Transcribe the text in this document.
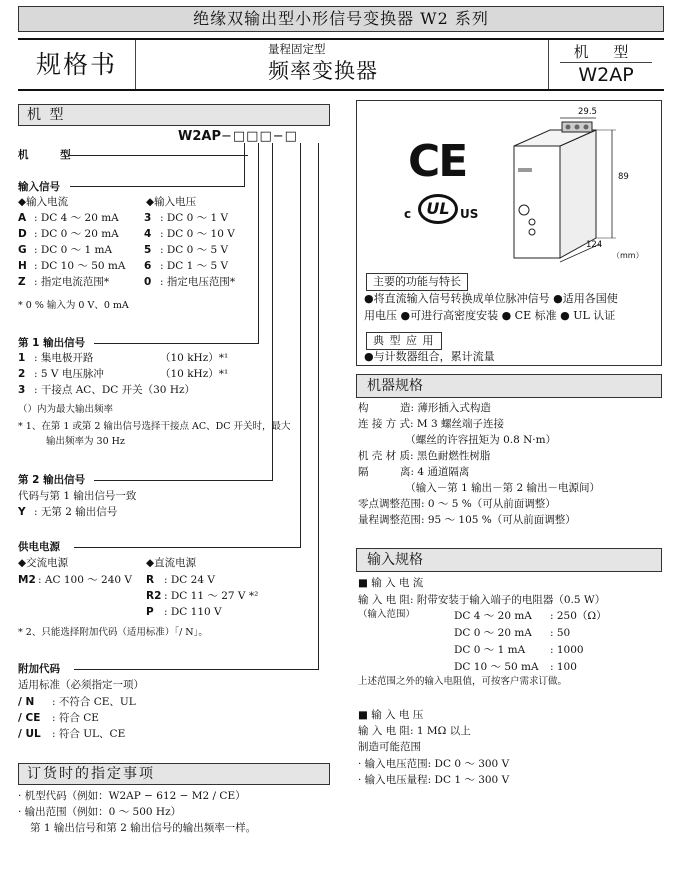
绝缘双输出型小形信号变换器 W2 系列
规格书
量程固定型
频率变换器
机 型
W2AP
机 型
W2AP−□□□−□
机 型
输入信号
◆输入电流	◆输入电压
A : DC 4 ～ 20 mA 3 : DC 0 ～ 1 V
D : DC 0 ～ 20 mA 4 : DC 0 ～ 10 V
G : DC 0 ～ 1 mA	5 : DC 0 ～ 5 V
H : DC 10 ～ 50 mA 6 : DC 1 ～ 5 V
Z : 指定电流范围*	0 : 指定电压范围*
* 0 % 输入为 0 V、0 mA
第 1 输出信号
1 : 集电极开路	（10 kHz）*¹
2 : 5 V 电压脉冲	（10 kHz）*¹
3 : 干接点 AC、DC 开关（30 Hz）
（）内为最大输出频率
* 1、在第 1 或第 2 输出信号选择干接点 AC、DC 开关时，最大
输出频率为 30 Hz
第 2 输出信号
代码与第 1 输出信号一致
Y : 无第 2 输出信号
供电电源
◆交流电源	◆直流电源
M2 : AC 100 ～ 240 V R : DC 24 V
R2 : DC 11 ～ 27 V *²
P : DC 110 V
* 2、只能选择附加代码（适用标准）「/ N」。
附加代码
适用标准（必须指定一项）
/ N : 不符合 CE、UL
/ CE : 符合 CE
/ UL : 符合 UL、CE
订货时的指定事项
· 机型代码（例如：W2AP − 612 − M2 / CE）
· 输出范围（例如：0 ～ 500 Hz）
第 1 输出信号和第 2 输出信号的输出频率一样。
CE
c UL US
29.5
89
124
（mm）
主要的功能与特长
●将直流输入信号转换成单位脉冲信号 ●适用各国使
用电压 ●可进行高密度安装 ● CE 标准 ● UL 认证
典 型 应 用
●与计数器组合，累计流量
机器规格
构　　　造: 薄形插入式构造
连 接 方 式: M 3 螺丝端子连接
　　　　　（螺丝的许容扭矩为 0.8 N·m）
机 壳 材 质: 黑色耐燃性树脂
隔　　　离: 4 通道隔离
　　　　　（输入－第 1 输出－第 2 输出－电源间）
零点调整范围: 0 ～ 5 %（可从前面调整）
量程调整范围: 95 ～ 105 %（可从前面调整）
输入规格
■ 输 入 电 流
输 入 电 阻: 附带安装于输入端子的电阻器（0.5 W）
（输入范围）	DC 4 ～ 20 mA : 250（Ω）
DC 0 ～ 20 mA : 50
DC 0 ～ 1 mA : 1000
DC 10 ～ 50 mA : 100
上述范围之外的输入电阻值，可按客户需求订做。
■ 输 入 电 压
输 入 电 阻: 1 MΩ 以上
制造可能范围
· 输入电压范围: DC 0 ～ 300 V
· 输入电压量程: DC 1 ～ 300 V
